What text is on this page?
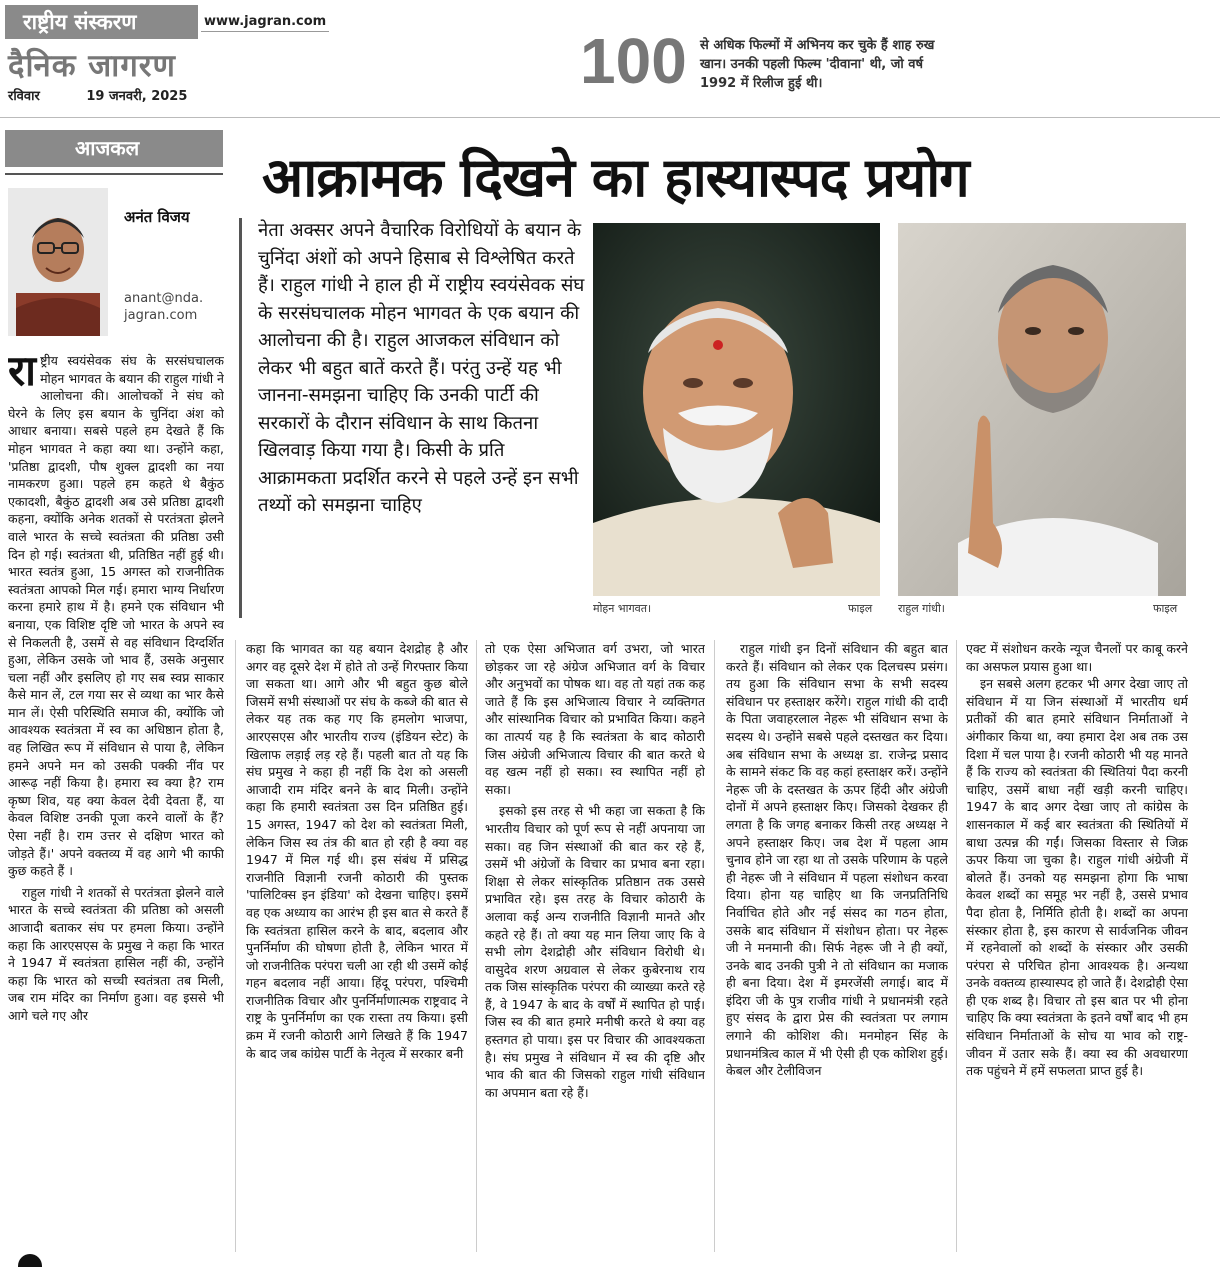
राष्ट्रीय संस्करण	www.jagran.com
दैनिक जागरण
रविवार	19 जनवरी, 2025	100 से अधिक फिल्मों में अभिनय कर चुके हैं शाह रुख खान। उनकी पहली फिल्म 'दीवाना' थी, जो वर्ष 1992 में रिलीज हुई थी।
आजकल
अनंत विजय
anant@nda.
jagran.com
आक्रामक दिखने का हास्यास्पद प्रयोग
नेता अक्सर अपने वैचारिक विरोधियों के बयान के चुनिंदा अंशों को अपने हिसाब से विश्लेषित करते हैं। राहुल गांधी ने हाल ही में राष्ट्रीय स्वयंसेवक संघ के सरसंघचालक मोहन भागवत के एक बयान की आलोचना की है। राहुल आजकल संविधान को लेकर भी बहुत बातें करते हैं। परंतु उन्हें यह भी जानना-समझना चाहिए कि उनकी पार्टी की सरकारों के दौरान संविधान के साथ कितना खिलवाड़ किया गया है। किसी के प्रति आक्रामकता प्रदर्शित करने से पहले उन्हें इन सभी तथ्यों को समझना चाहिए
मोहन भागवत।	फाइल राहुल गांधी।	फाइल

राष्ट्रीय स्वयंसेवक संघ के सरसंघचालक मोहन भागवत के बयान की राहुल गांधी ने आलोचना की। आलोचकों ने संघ को घेरने के लिए इस बयान के चुनिंदा अंश को आधार बनाया। सबसे पहले हम देखते हैं कि मोहन भागवत ने कहा क्या था। उन्होंने कहा, 'प्रतिष्ठा द्वादशी, पौष शुक्ल द्वादशी का नया नामकरण हुआ। पहले हम कहते थे बैकुंठ एकादशी, बैकुंठ द्वादशी अब उसे प्रतिष्ठा द्वादशी कहना, क्योंकि अनेक शतकों से परतंत्रता झेलने वाले भारत के सच्चे स्वतंत्रता की प्रतिष्ठा उसी दिन हो गई। स्वतंत्रता थी, प्रतिष्ठित नहीं हुई थी। भारत स्वतंत्र हुआ, 15 अगस्त को राजनीतिक स्वतंत्रता आपको मिल गई। हमारा भाग्य निर्धारण करना हमारे हाथ में है। हमने एक संविधान भी बनाया, एक विशिष्ट दृष्टि जो भारत के अपने स्व से निकलती है, उसमें से वह संविधान दिग्दर्शित हुआ, लेकिन उसके जो भाव हैं, उसके अनुसार चला नहीं और इसलिए हो गए सब स्वप्न साकार कैसे मान लें, टल गया सर से व्यथा का भार कैसे मान लें। ऐसी परिस्थिति समाज की, क्योंकि जो आवश्यक स्वतंत्रता में स्व का अधिष्ठान होता है, वह लिखित रूप में संविधान से पाया है, लेकिन हमने अपने मन को उसकी पक्की नींव पर आरूढ़ नहीं किया है। हमारा स्व क्या है? राम कृष्ण शिव, यह क्या केवल देवी देवता हैं, या केवल विशिष्ट उनकी पूजा करने वालों के हैं? ऐसा नहीं है। राम उत्तर से दक्षिण भारत को जोड़ते हैं।' अपने वक्तव्य में वह आगे भी काफी कुछ कहते हैं ।

राहुल गांधी ने शतकों से परतंत्रता झेलने वाले भारत के सच्चे स्वतंत्रता की प्रतिष्ठा को असली आजादी बताकर संघ पर हमला किया। उन्होंने कहा कि आरएसएस के प्रमुख ने कहा कि भारत ने 1947 में स्वतंत्रता हासिल नहीं की, उन्होंने कहा कि भारत को सच्ची स्वतंत्रता तब मिली, जब राम मंदिर का निर्माण हुआ। वह इससे भी आगे चले गए और

कहा कि भागवत का यह बयान देशद्रोह है और अगर वह दूसरे देश में होते तो उन्हें गिरफ्तार किया जा सकता था। आगे और भी बहुत कुछ बोले जिसमें सभी संस्थाओं पर संघ के कब्जे की बात से लेकर यह तक कह गए कि हमलोग भाजपा, आरएसएस और भारतीय राज्य (इंडियन स्टेट) के खिलाफ लड़ाई लड़ रहे हैं। पहली बात तो यह कि संघ प्रमुख ने कहा ही नहीं कि देश को असली आजादी राम मंदिर बनने के बाद मिली। उन्होंने कहा कि हमारी स्वतंत्रता उस दिन प्रतिष्ठित हुई। 15 अगस्त, 1947 को देश को स्वतंत्रता मिली, लेकिन जिस स्व तंत्र की बात हो रही है क्या वह 1947 में मिल गई थी। इस संबंध में प्रसिद्ध राजनीति विज्ञानी रजनी कोठारी की पुस्तक 'पालिटिक्स इन इंडिया' को देखना चाहिए। इसमें वह एक अध्याय का आरंभ ही इस बात से करते हैं कि स्वतंत्रता हासिल करने के बाद, बदलाव और पुनर्निर्माण की घोषणा होती है, लेकिन भारत में जो राजनीतिक परंपरा चली आ रही थी उसमें कोई गहन बदलाव नहीं आया। हिंदू परंपरा, पश्चिमी राजनीतिक विचार और पुनर्निर्माणात्मक राष्ट्रवाद ने राष्ट्र के पुनर्निर्माण का एक रास्ता तय किया। इसी क्रम में रजनी कोठारी आगे लिखते हैं कि 1947 के बाद जब कांग्रेस पार्टी के नेतृत्व में सरकार बनी

तो एक ऐसा अभिजात वर्ग उभरा, जो भारत छोड़कर जा रहे अंग्रेज अभिजात वर्ग के विचार और अनुभवों का पोषक था। वह तो यहां तक कह जाते हैं कि इस अभिजात्य विचार ने व्यक्तिगत और सांस्थानिक विचार को प्रभावित किया। कहने का तात्पर्य यह है कि स्वतंत्रता के बाद कोठारी जिस अंग्रेजी अभिजात्य विचार की बात करते थे वह खत्म नहीं हो सका। स्व स्थापित नहीं हो सका।

इसको इस तरह से भी कहा जा सकता है कि भारतीय विचार को पूर्ण रूप से नहीं अपनाया जा सका। वह जिन संस्थाओं की बात कर रहे हैं, उसमें भी अंग्रेजों के विचार का प्रभाव बना रहा। शिक्षा से लेकर सांस्कृतिक प्रतिष्ठान तक उससे प्रभावित रहे। इस तरह के विचार कोठारी के अलावा कई अन्य राजनीति विज्ञानी मानते और कहते रहे हैं। तो क्या यह मान लिया जाए कि वे सभी लोग देशद्रोही और संविधान विरोधी थे। वासुदेव शरण अग्रवाल से लेकर कुबेरनाथ राय तक जिस सांस्कृतिक परंपरा की व्याख्या करते रहे हैं, वे 1947 के बाद के वर्षों में स्थापित हो पाई। जिस स्व की बात हमारे मनीषी करते थे क्या वह हस्तगत हो पाया। इस पर विचार की आवश्यकता है। संघ प्रमुख ने संविधान में स्व की दृष्टि और भाव की बात की जिसको राहुल गांधी संविधान का अपमान बता रहे हैं।

राहुल गांधी इन दिनों संविधान की बहुत बात करते हैं। संविधान को लेकर एक दिलचस्प प्रसंग। तय हुआ कि संविधान सभा के सभी सदस्य संविधान पर हस्ताक्षर करेंगे। राहुल गांधी की दादी के पिता जवाहरलाल नेहरू भी संविधान सभा के सदस्य थे। उन्होंने सबसे पहले दस्तखत कर दिया। अब संविधान सभा के अध्यक्ष डा. राजेन्द्र प्रसाद के सामने संकट कि वह कहां हस्ताक्षर करें। उन्होंने नेहरू जी के दस्तखत के ऊपर हिंदी और अंग्रेजी दोनों में अपने हस्ताक्षर किए। जिसको देखकर ही लगता है कि जगह बनाकर किसी तरह अध्यक्ष ने अपने हस्ताक्षर किए। जब देश में पहला आम चुनाव होने जा रहा था तो उसके परिणाम के पहले ही नेहरू जी ने संविधान में पहला संशोधन करवा दिया। होना यह चाहिए था कि जनप्रतिनिधि निर्वाचित होते और नई संसद का गठन होता, उसके बाद संविधान में संशोधन होता। पर नेहरू जी ने मनमानी की। सिर्फ नेहरू जी ने ही क्यों, उनके बाद उनकी पुत्री ने तो संविधान का मजाक ही बना दिया। देश में इमरजेंसी लगाई। बाद में इंदिरा जी के पुत्र राजीव गांधी ने प्रधानमंत्री रहते हुए संसद के द्वारा प्रेस की स्वतंत्रता पर लगाम लगाने की कोशिश की। मनमोहन सिंह के प्रधानमंत्रित्व काल में भी ऐसी ही एक कोशिश हुई। केबल और टेलीविजन

एक्ट में संशोधन करके न्यूज चैनलों पर काबू करने का असफल प्रयास हुआ था।

इन सबसे अलग हटकर भी अगर देखा जाए तो संविधान में या जिन संस्थाओं में भारतीय धर्म प्रतीकों की बात हमारे संविधान निर्माताओं ने अंगीकार किया था, क्या हमारा देश अब तक उस दिशा में चल पाया है। रजनी कोठारी भी यह मानते हैं कि राज्य को स्वतंत्रता की स्थितियां पैदा करनी चाहिए, उसमें बाधा नहीं खड़ी करनी चाहिए। 1947 के बाद अगर देखा जाए तो कांग्रेस के शासनकाल में कई बार स्वतंत्रता की स्थितियों में बाधा उत्पन्न की गईं। जिसका विस्तार से जिक्र ऊपर किया जा चुका है। राहुल गांधी अंग्रेजी में बोलते हैं। उनको यह समझना होगा कि भाषा केवल शब्दों का समूह भर नहीं है, उससे प्रभाव पैदा होता है, निर्मिति होती है। शब्दों का अपना संस्कार होता है, इस कारण से सार्वजनिक जीवन में रहनेवालों को शब्दों के संस्कार और उसकी परंपरा से परिचित होना आवश्यक है। अन्यथा उनके वक्तव्य हास्यास्पद हो जाते हैं। देशद्रोही ऐसा ही एक शब्द है। विचार तो इस बात पर भी होना चाहिए कि क्या स्वतंत्रता के इतने वर्षों बाद भी हम संविधान निर्माताओं के सोच या भाव को राष्ट्र-जीवन में उतार सके हैं। क्या स्व की अवधारणा तक पहुंचने में हमें सफलता प्राप्त हुई है।
